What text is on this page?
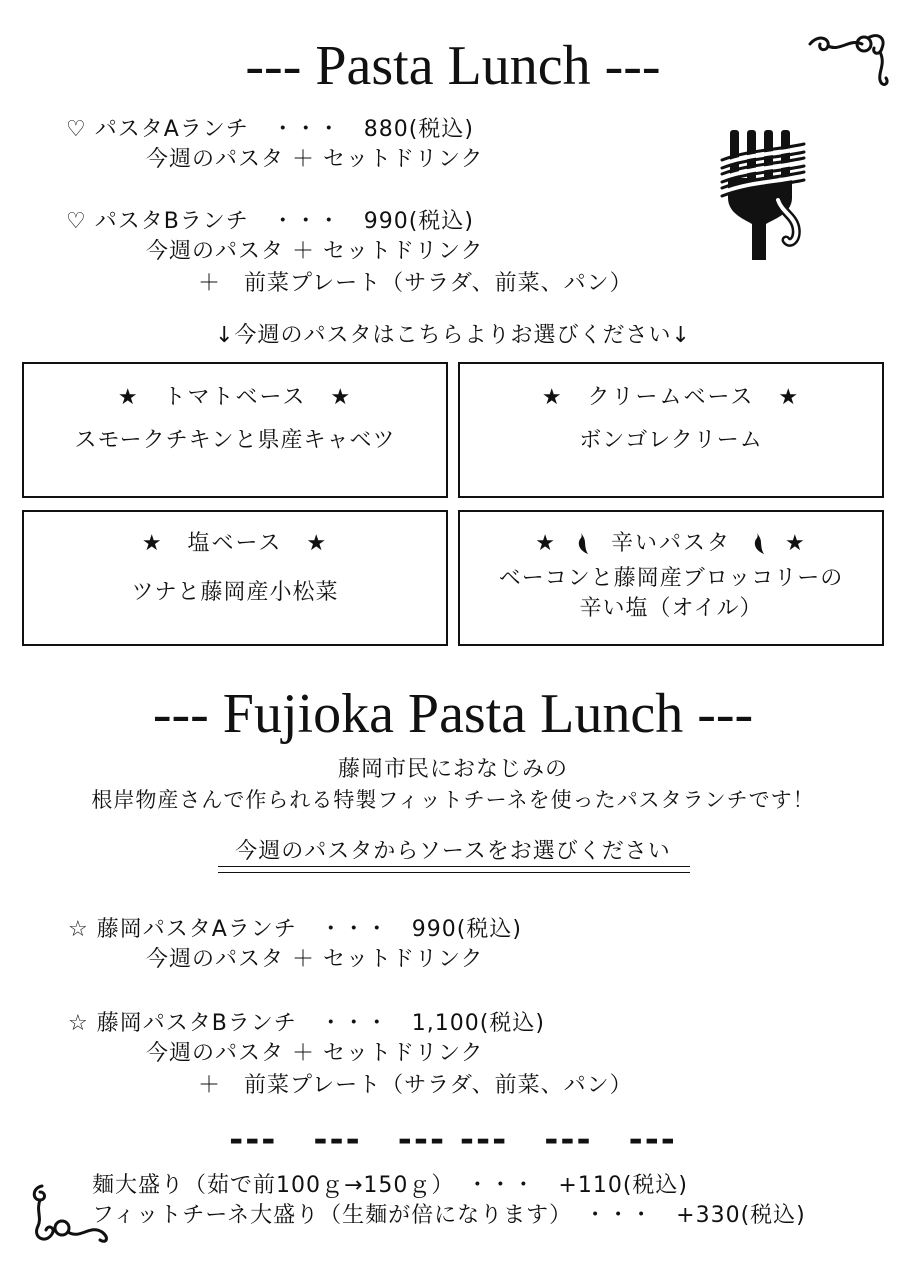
--- Pasta Lunch ---
♡ パスタAランチ　・・・　880(税込)
今週のパスタ ＋ セットドリンク
♡ パスタBランチ　・・・　990(税込)
今週のパスタ ＋ セットドリンク
＋　前菜プレート（サラダ、前菜、パン）
↓今週のパスタはこちらよりお選びください↓
★　トマトベース　★
スモークチキンと県産キャベツ
★　クリームベース　★
ボンゴレクリーム
★　塩ベース　★
ツナと藤岡産小松菜
★ 辛いパスタ ★
ベーコンと藤岡産ブロッコリーの
辛い塩（オイル）
--- Fujioka Pasta Lunch ---
藤岡市民におなじみの
根岸物産さんで作られる特製フィットチーネを使ったパスタランチです！
今週のパスタからソースをお選びください
☆ 藤岡パスタAランチ　・・・　990(税込)
今週のパスタ ＋ セットドリンク
☆ 藤岡パスタBランチ　・・・　1,100(税込)
今週のパスタ ＋ セットドリンク
＋　前菜プレート（サラダ、前菜、パン）
---　---　--- ---　---　---
麺大盛り（茹で前100ｇ→150ｇ）　・・・　+110(税込)
フィットチーネ大盛り（生麺が倍になります）　・・・　+330(税込)
